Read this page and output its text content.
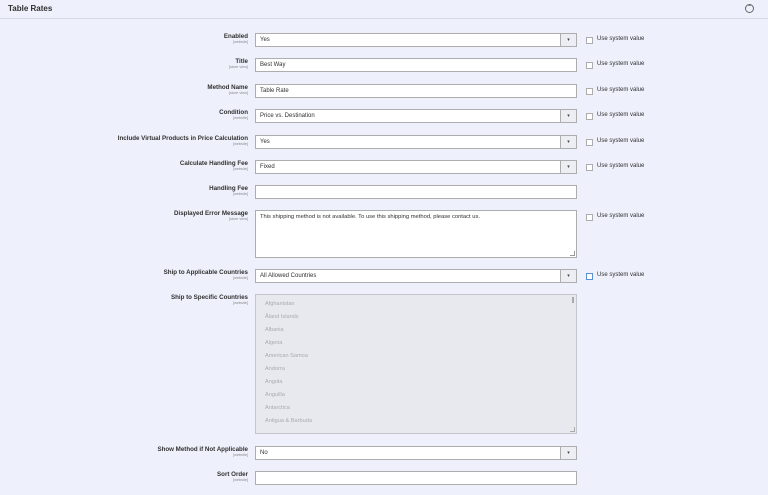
Table Rates	⌃
Enabled
[website]	Yes	▾	Use system value
Title
[store view]	Best Way	Use system value
Method Name
[store view]	Table Rate	Use system value
Condition
[website]	Price vs. Destination	▾	Use system value
Include Virtual Products in Price Calculation
[website]	Yes	▾	Use system value
Calculate Handling Fee
[website]	Fixed	▾	Use system value
Handling Fee
[website]
Displayed Error Message
[store view]	This shipping method is not available. To use this shipping method, please contact us.	Use system value
Ship to Applicable Countries
[website]	All Allowed Countries	▾	Use system value
Ship to Specific Countries
[website]	Afghanistan
Åland Islands
Albania
Algeria
American Samoa
Andorra
Angola
Anguilla
Antarctica
Antigua & Barbuda
Show Method if Not Applicable
[website]	No	▾
Sort Order
[website]
